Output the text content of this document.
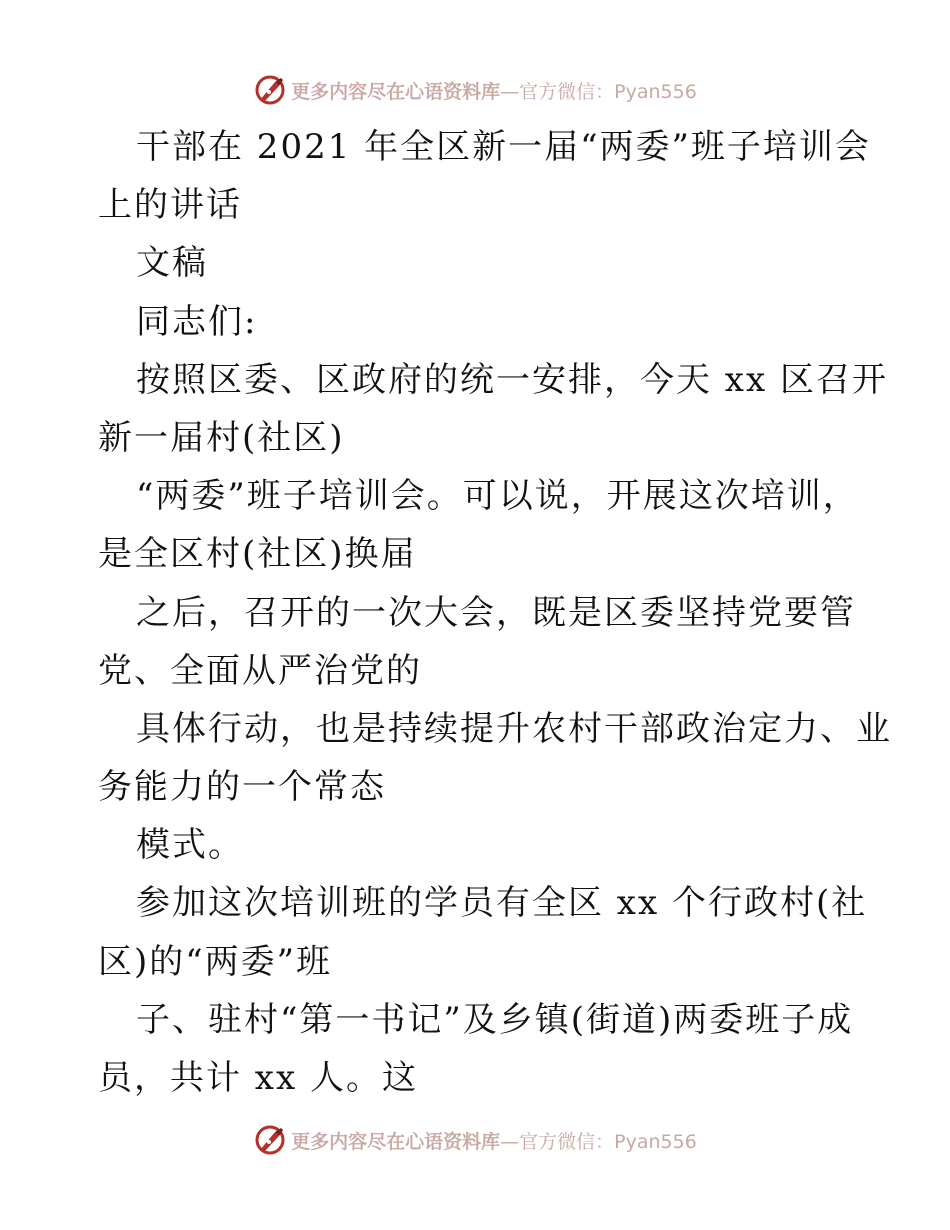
更多内容尽在心语资料库 —官方微信：Pyan556
干部在 2021 年全区新一届“两委”班子培训会
上的讲话
文稿
同志们:
按照区委、区政府的统一安排，今天 xx 区召开
新一届村(社区)
“两委”班子培训会。可以说，开展这次培训，
是全区村(社区)换届
之后，召开的一次大会，既是区委坚持党要管
党、全面从严治党的
具体行动，也是持续提升农村干部政治定力、业
务能力的一个常态
模式。
参加这次培训班的学员有全区 xx 个行政村(社
区)的“两委”班
子、驻村“第一书记”及乡镇(街道)两委班子成
员，共计 xx 人。这
更多内容尽在心语资料库 —官方微信：Pyan556
